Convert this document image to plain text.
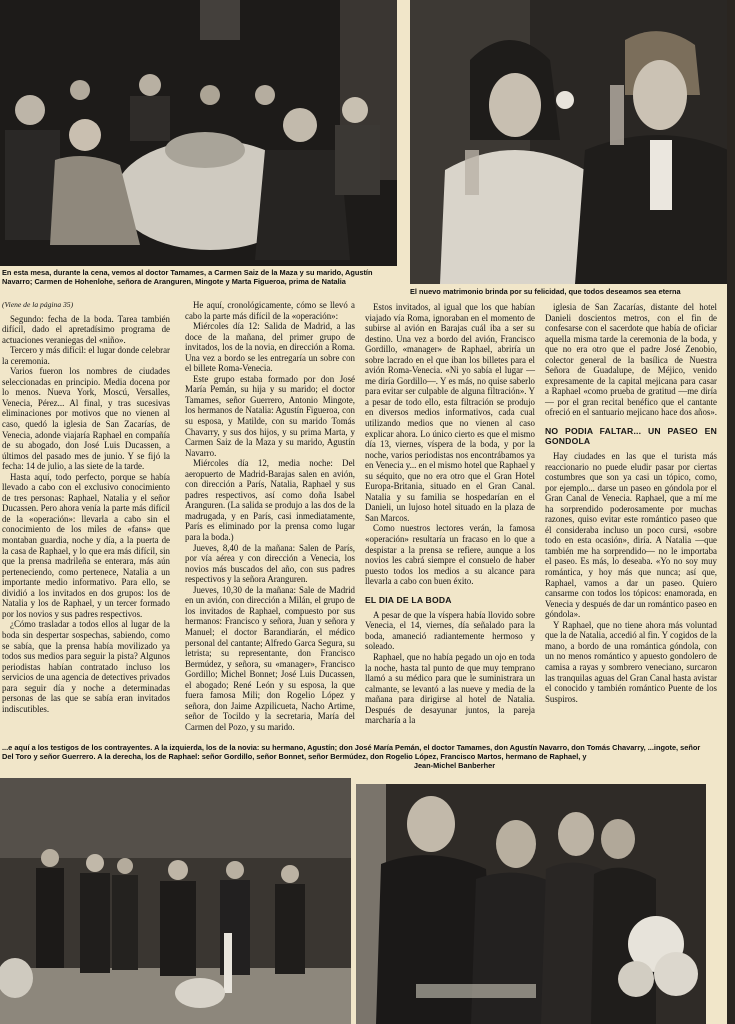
En esta mesa, durante la cena, vemos al doctor Tamames, a Carmen Saiz de la Maza y su marido, Agustín Navarro; Carmen de Hohenlohe, señora de Aranguren, Mingote y Marta Figueroa, prima de Natalia
El nuevo matrimonio brinda por su felicidad, que todos deseamos sea eterna

(Viene de la página 35)

Segundo: fecha de la boda. Tarea también difícil, dado el apretadísimo programa de actuaciones veraniegas del «niño».

Tercero y más difícil: el lugar donde celebrar la ceremonia.

Varios fueron los nombres de ciudades seleccionadas en principio. Media docena por lo menos. Nueva York, Moscú, Versalles, Venecia, Pérez... Al final, y tras sucesivas eliminaciones por motivos que no vienen al caso, quedó la iglesia de San Zacarías, de Venecia, adonde viajaría Raphael en compañía de su abogado, don José Luis Ducassen, a últimos del pasado mes de junio. Y se fijó la fecha: 14 de julio, a las siete de la tarde.

Hasta aquí, todo perfecto, porque se había llevado a cabo con el exclusivo conocimiento de tres personas: Raphael, Natalia y el señor Ducassen. Pero ahora venía la parte más difícil de la «operación»: llevarla a cabo sin el conocimiento de los miles de «fans» que montaban guardia, noche y día, a la puerta de la casa de Raphael, y lo que era más difícil, sin que la prensa madrileña se enterara, más aún perteneciendo, como pertenece, Natalia a un importante medio informativo. Para ello, se dividió a los invitados en dos grupos: los de Natalia y los de Raphael, y un tercer formado por los novios y sus padres respectivos.

¿Cómo trasladar a todos ellos al lugar de la boda sin despertar sospechas, sabiendo, como se sabía, que la prensa había movilizado ya todos sus medios para seguir la pista? Algunos periodistas habían contratado incluso los servicios de una agencia de detectives privados para seguir día y noche a determinadas personas de las que se sabía eran invitados indiscutibles.

He aquí, cronológicamente, cómo se llevó a cabo la parte más difícil de la «operación»:

Miércoles día 12: Salida de Madrid, a las doce de la mañana, del primer grupo de invitados, los de la novia, en dirección a Roma. Una vez a bordo se les entregaría un sobre con el billete Roma-Venecia.

Este grupo estaba formado por don José María Pemán, su hija y su marido; el doctor Tamames, señor Guerrero, Antonio Mingote, los hermanos de Natalia: Agustín Figueroa, con su esposa, y Matilde, con su marido Tomás Chavarry, y sus dos hijos, y su prima Marta, y Carmen Saiz de la Maza y su marido, Agustín Navarro.

Miércoles día 12, media noche: Del aeropuerto de Madrid-Barajas salen en avión, con dirección a París, Natalia, Raphael y sus padres respectivos, así como doña Isabel Aranguren. (La salida se produjo a las dos de la madrugada, y en París, casi inmediatamente, París es eliminado por la prensa como lugar para la boda.)

Jueves, 8,40 de la mañana: Salen de París, por vía aérea y con dirección a Venecia, los novios más buscados del año, con sus padres respectivos y la señora Aranguren.

Jueves, 10,30 de la mañana: Sale de Madrid en un avión, con dirección a Milán, el grupo de los invitados de Raphael, compuesto por sus hermanos: Francisco y señora, Juan y señora y Manuel; el doctor Barandiarán, el médico personal del cantante; Alfredo Garca Segura, su letrista; su representante, don Francisco Bermúdez, y señora, su «manager», Francisco Gordillo; Michel Bonnet; José Luis Ducassen, el abogado; René León y su esposa, la que fuera famosa Mili; don Rogelio López y señora, don Jaime Azpilicueta, Nacho Artime, señor de Tocildo y la secretaria, María del Carmen del Pozo, y su marido.

Estos invitados, al igual que los que habían viajado vía Roma, ignoraban en el momento de subirse al avión en Barajas cuál iba a ser su destino. Una vez a bordo del avión, Francisco Gordillo, «manager» de Raphael, abriría un sobre lacrado en el que iban los billetes para el avión Roma-Venecia. «Ni yo sabía el lugar —me diría Gordillo—. Y es más, no quise saberlo para evitar ser culpable de alguna filtración». Y a pesar de todo ello, esta filtración se produjo en diversos medios informativos, cada cual utilizando medios que no vienen al caso explicar ahora. Lo único cierto es que el mismo día 13, viernes, víspera de la boda, y por la noche, varios periodistas nos encontrábamos ya en Venecia y... en el mismo hotel que Raphael y su séquito, que no era otro que el Gran Hotel Europa-Britania, situado en el Gran Canal. Natalia y su familia se hospedarían en el Danieli, un lujoso hotel situado en la plaza de San Marcos.

Como nuestros lectores verán, la famosa «operación» resultaría un fracaso en lo que a despistar a la prensa se refiere, aunque a los novios les cabrá siempre el consuelo de haber puesto todos los medios a su alcance para llevarla a cabo con buen éxito.

EL DIA DE LA BODA

A pesar de que la víspera había llovido sobre Venecia, el 14, viernes, día señalado para la boda, amaneció radiantemente hermoso y soleado.

Raphael, que no había pegado un ojo en toda la noche, hasta tal punto de que muy temprano llamó a su médico para que le suministrara un calmante, se levantó a las nueve y media de la mañana para dirigirse al hotel de Natalia. Después de desayunar juntos, la pareja marcharía a la

iglesia de San Zacarías, distante del hotel Danieli doscientos metros, con el fin de confesarse con el sacerdote que había de oficiar aquella misma tarde la ceremonia de la boda, y que no era otro que el padre José Zenobio, colector general de la basílica de Nuestra Señora de Guadalupe, de Méjico, venido expresamente de la capital mejicana para casar a Raphael «como prueba de gratitud —me diría— por el gran recital benéfico que el cantante ofreció en el santuario mejicano hace dos años».

NO PODIA FALTAR... UN PASEO EN GONDOLA

Hay ciudades en las que el turista más reaccionario no puede eludir pasar por ciertas costumbres que son ya casi un tópico, como, por ejemplo... darse un paseo en góndola por el Gran Canal de Venecia. Raphael, que a mí me ha sorprendido poderosamente por muchas razones, quiso evitar este romántico paseo que él consideraba incluso un poco cursi, «sobre todo en esta ocasión», diría. A Natalia —que también me ha sorprendido— no le importaba el paseo. Es más, lo deseaba. «Yo no soy muy romántica, y hoy más que nunca; así que, Raphael, vamos a dar un paseo. Quiero cansarme con todos los tópicos: enamorada, en Venecia y después de dar un romántico paseo en góndola».

Y Raphael, que no tiene ahora más voluntad que la de Natalia, accedió al fin. Y cogidos de la mano, a bordo de una romántica góndola, con un no menos romántico y apuesto gondolero de camisa a rayas y sombrero veneciano, surcaron las tranquilas aguas del Gran Canal hasta avistar el conocido y también romántico Puente de los Suspiros.

...e aquí a los testigos de los contrayentes. A la izquierda, los de la novia: su hermano, Agustín; don José María Pemán, el doctor Tamames, don Agustín Navarro, don Tomás Chavarry, ...ingote, señor Del Toro y señor Guerrero. A la derecha, los de Raphael: señor Gordillo, señor Bonnet, señor Bermúdez, don Rogelio López, Francisco Martos, hermano de Raphael, y
Jean-Michel Banberher
